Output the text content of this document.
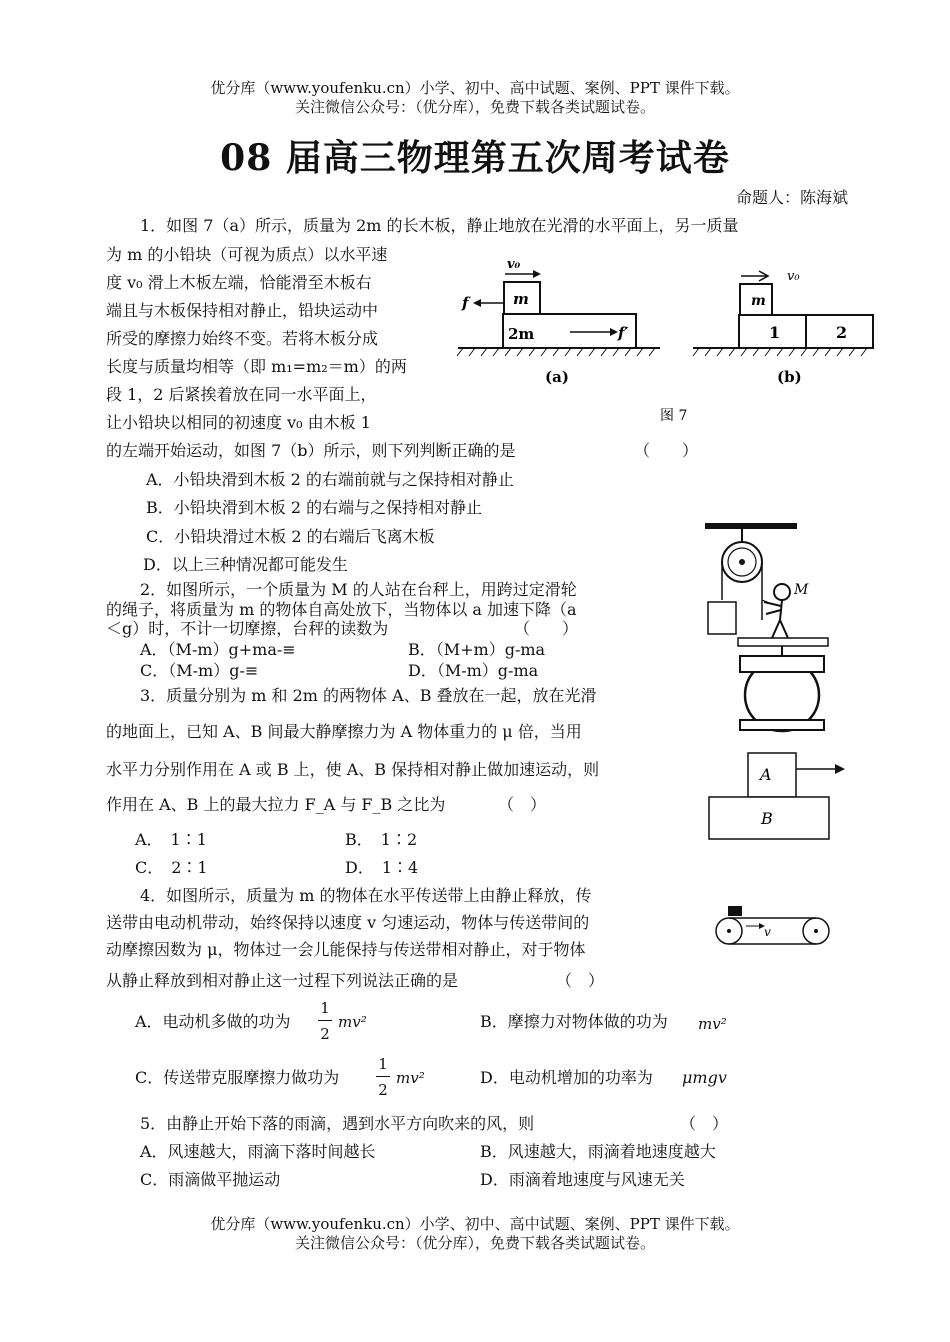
优分库（www.youfenku.cn）小学、初中、高中试题、案例、PPT 课件下载。
关注微信公众号：（优分库），免费下载各类试题试卷。
08 届高三物理第五次周考试卷
命题人：陈海斌
1．如图 7（a）所示，质量为 2m 的长木板，静止地放在光滑的水平面上，另一质量
为 m 的小铅块（可视为质点）以水平速
度 v₀ 滑上木板左端，恰能滑至木板右
端且与木板保持相对静止，铅块运动中
所受的摩擦力始终不变。若将木板分成
长度与质量均相等（即 m₁=m₂＝m）的两
段 1，2 后紧挨着放在同一水平面上，
让小铅块以相同的初速度 v₀ 由木板 1
的左端开始运动，如图 7（b）所示，则下列判断正确的是	（　　）
A．小铅块滑到木板 2 的右端前就与之保持相对静止
B．小铅块滑到木板 2 的右端与之保持相对静止
C．小铅块滑过木板 2 的右端后飞离木板
D．以上三种情况都可能发生
m
2m
v₀
f
f′
(a)
m
1	2
v₀
(b)
图 7
2．如图所示，一个质量为 M 的人站在台秤上，用跨过定滑轮
的绳子，将质量为 m 的物体自高处放下，当物体以 a 加速下降（a
＜g）时，不计一切摩擦，台秤的读数为	（　　）
A．（M-m）g+ma-≡	B．（M+m）g-ma
C．（M-m）g-≡	D．（M-m）g-ma
M
3．质量分别为 m 和 2m 的两物体 A、B 叠放在一起，放在光滑
的地面上，已知 A、B 间最大静摩擦力为 A 物体重力的 μ 倍，当用
水平力分别作用在 A 或 B 上，使 A、B 保持相对静止做加速运动，则
作用在 A、B 上的最大拉力 F_A 与 F_B 之比为	（　）
A．　1∶1	B．　1∶2
C．　2∶1	D．　1∶4
A
B
4．如图所示，质量为 m 的物体在水平传送带上由静止释放，传
送带由电动机带动，始终保持以速度 v 匀速运动，物体与传送带间的
动摩擦因数为 μ，物体过一会儿能保持与传送带相对静止，对于物体
从静止释放到相对静止这一过程下列说法正确的是	（　）
v
A．电动机多做的功为
1
2
mv²	B．摩擦力对物体做的功为 mv²
C．传送带克服摩擦力做功为
1
2
mv²	D．电动机增加的功率为 μmgv
5．由静止开始下落的雨滴，遇到水平方向吹来的风，则	（　）
A．风速越大，雨滴下落时间越长	B．风速越大，雨滴着地速度越大
C．雨滴做平抛运动	D．雨滴着地速度与风速无关
优分库（www.youfenku.cn）小学、初中、高中试题、案例、PPT 课件下载。
关注微信公众号：（优分库），免费下载各类试题试卷。
